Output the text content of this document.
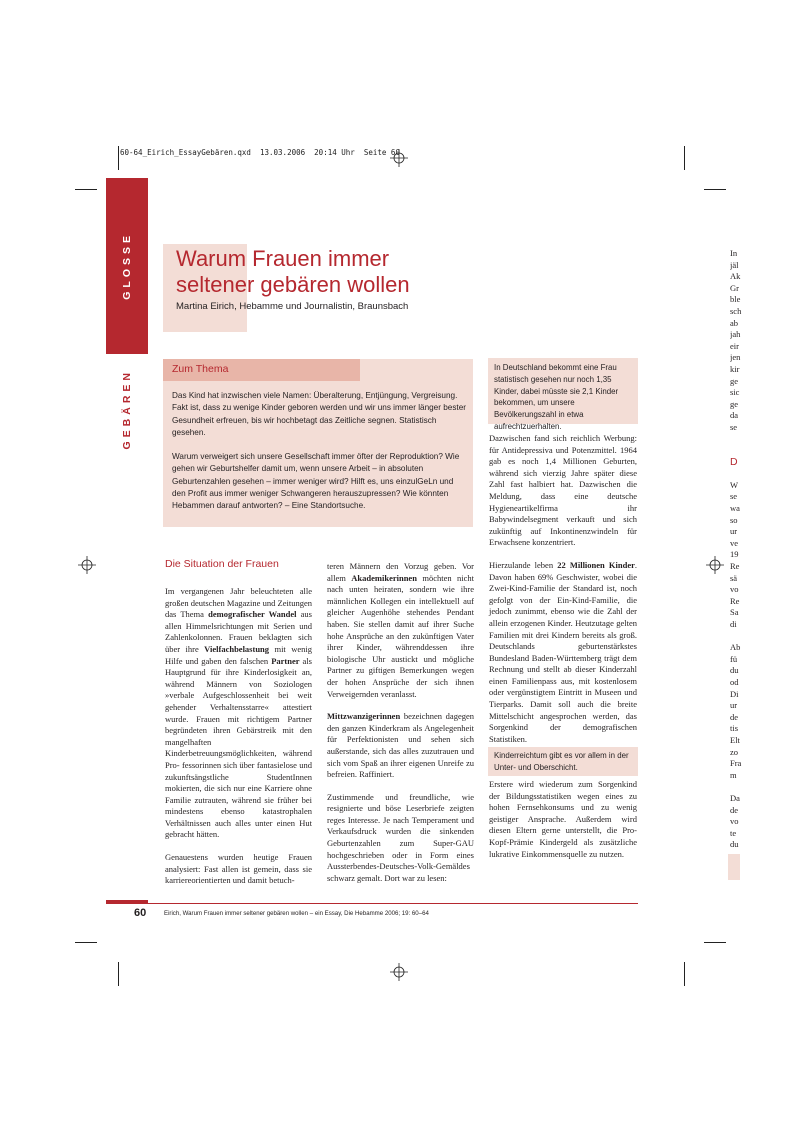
60-64_Eirich_EssayGebären.qxd  13.03.2006  20:14 Uhr  Seite 60
GLOSSE
GEBÄREN
Warum Frauen immer
seltener gebären wollen
Martina Eirich, Hebamme und Journalistin, Braunsbach
Zum Thema

Das Kind hat inzwischen viele Namen: Überalterung, Entjüngung, Vergreisung. Fakt ist, dass zu wenige Kinder geboren werden und wir uns immer länger bester Gesundheit erfreuen, bis wir hochbetagt das Zeitliche segnen. Statistisch gesehen.

Warum verweigert sich unsere Gesellschaft immer öfter der Reproduktion? Wie gehen wir Geburtshelfer damit um, wenn unsere Arbeit – in absoluten Geburtenzahlen gesehen – immer weniger wird? Hilft es, uns einzulGeLn und den Profit aus immer weniger Schwangeren herauszupressen? Wie könnten Hebammen darauf antworten? – Eine Standortsuche.

In Deutschland bekommt eine Frau statistisch gesehen nur noch 1,35 Kinder, dabei müsste sie 2,1 Kinder bekommen, um unsere Bevölkerungszahl in etwa aufrechtzuerhalten.
Die Situation der Frauen

Im vergangenen Jahr beleuchteten alle großen deutschen Magazine und Zeitungen das Thema demografischer Wandel aus allen Himmelsrichtungen mit Serien und Zahlenkolonnen. Frauen beklagten sich über ihre Vielfachbelastung mit wenig Hilfe und gaben den falschen Partner als Hauptgrund für ihre Kinderlosigkeit an, während Männern von Soziologen »verbale Aufgeschlossenheit bei weit gehender Verhaltensstarre« attestiert wurde. Frauen mit richtigem Partner begründeten ihren Gebärstreik mit den mangelhaften Kinderbetreuungsmöglichkeiten, während Pro- fessorinnen sich über fantasielose und zukunftsängstliche StudentInnen mokierten, die sich nur eine Karriere ohne Familie zutrauten, während sie früher bei mindestens ebenso katastrophalen Verhältnissen auch alles unter einen Hut gebracht hätten.

Genauestens wurden heutige Frauen analysiert: Fast allen ist gemein, dass sie karriereorientierten und damit betuch-

teren Männern den Vorzug geben. Vor allem Akademikerinnen möchten nicht nach unten heiraten, sondern wie ihre männlichen Kollegen ein intellektuell auf gleicher Augenhöhe stehendes Pendant haben. Sie stellen damit auf ihrer Suche hohe Ansprüche an den zukünftigen Vater ihrer Kinder, währenddessen ihre biologische Uhr austickt und mögliche Partner zu giftigen Bemerkungen wegen der hohen Ansprüche der sich ihnen Verweigernden veranlasst.

Mittzwanzigerinnen bezeichnen dagegen den ganzen Kinderkram als Angelegenheit für Perfektionisten und sehen sich außerstande, sich das alles zuzutrauen und sich vom Spaß an ihrer eigenen Unreife zu befreien. Raffiniert.

Zustimmende und freundliche, wie resignierte und böse Leserbriefe zeigten reges Interesse. Je nach Temperament und Verkaufsdruck wurden die sinkenden Geburtenzahlen zum Super-GAU hochgeschrieben oder in Form eines Aussterbendes-Deutsches-Volk-Gemäldes schwarz gemalt. Dort war zu lesen:

Dazwischen fand sich reichlich Werbung: für Antidepressiva und Potenzmittel. 1964 gab es noch 1,4 Millionen Geburten, während sich vierzig Jahre später diese Zahl fast halbiert hat. Dazwischen die Meldung, dass eine deutsche Hygieneartikelfirma ihr Babywindelsegment verkauft und sich zukünftig auf Inkontinenzwindeln für Erwachsene konzentriert.

Hierzulande leben 22 Millionen Kinder. Davon haben 69% Geschwister, wobei die Zwei-Kind-Familie der Standard ist, noch gefolgt von der Ein-Kind-Familie, die jedoch zunimmt, ebenso wie die Zahl der allein erzogenen Kinder. Heutzutage gelten Familien mit drei Kindern bereits als groß. Deutschlands geburtenstärkstes Bundesland Baden-Württemberg trägt dem Rechnung und stellt ab dieser Kinderzahl einen Familienpass aus, mit kostenlosem oder vergünstigtem Eintritt in Museen und Tierparks. Damit soll auch die breite Mittelschicht angesprochen werden, das Sorgenkind der demografischen Statistiken.

Kinderreichtum gibt es vor allem in der Unter- und Oberschicht.

Erstere wird wiederum zum Sorgenkind der Bildungsstatistiken wegen eines zu hohen Fernsehkonsums und zu wenig geistiger Ansprache. Außerdem wird diesen Eltern gerne unterstellt, die Pro-Kopf-Prämie Kindergeld als zusätzliche lukrative Einkommensquelle zu nutzen.

In
jäl
Ak
Gr
ble
sch
ab
jah
eir
jen
kir
ge
sic
ge
da
se
D
W
se
wa
so
ur
ve
19
Re
sä
vo
Re
Sa
di
Ab
fü
du
od
Di
ur
de
tis
Elt
zo
Fra
m
Da
de
vo
te
du
60	Eirich, Warum Frauen immer seltener gebären wollen – ein Essay, Die Hebamme 2006; 19: 60–64
